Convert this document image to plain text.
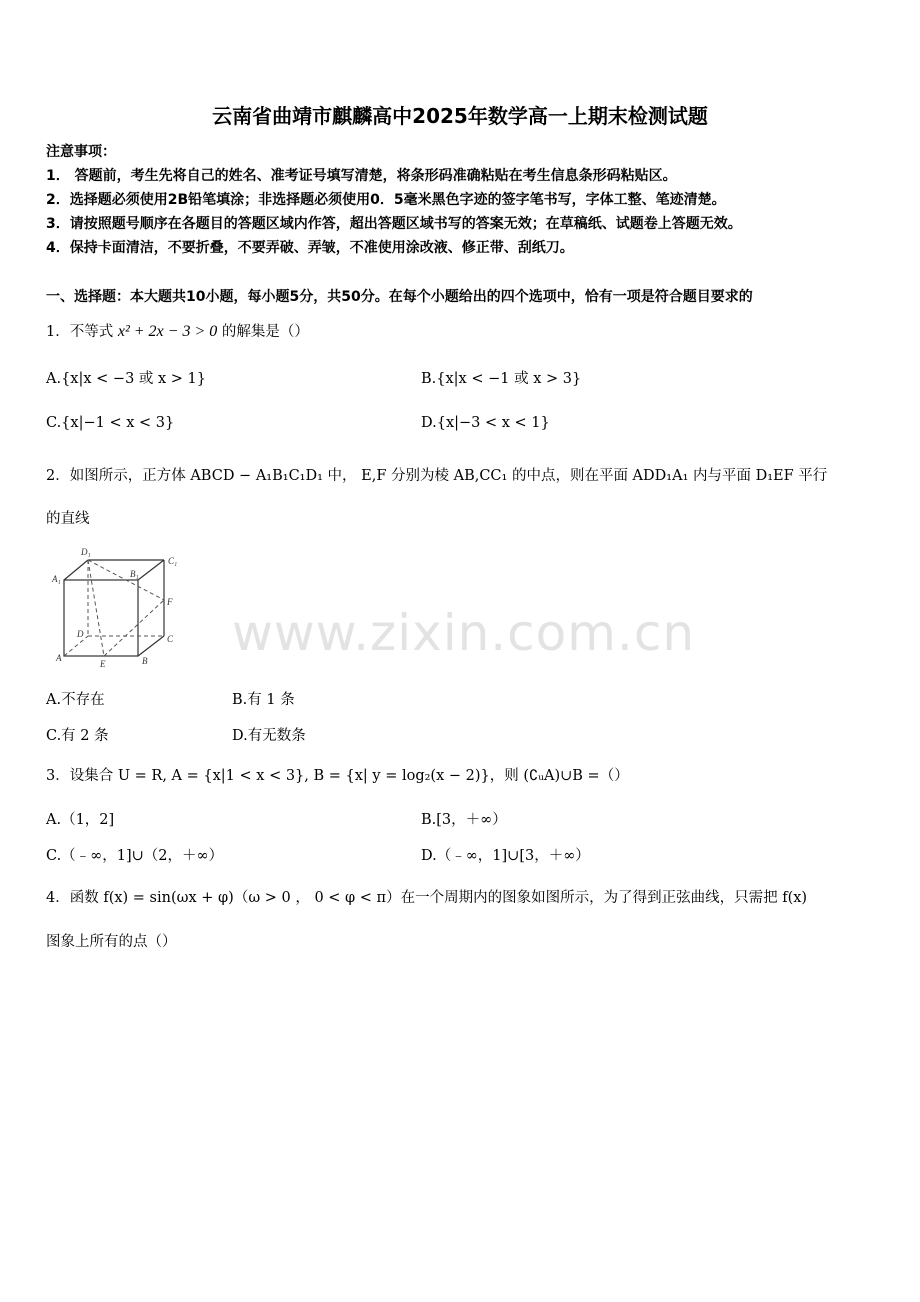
云南省曲靖市麒麟高中2025年数学高一上期末检测试题
注意事项：
1． 答题前，考生先将自己的姓名、准考证号填写清楚，将条形码准确粘贴在考生信息条形码粘贴区。
2．选择题必须使用2B铅笔填涂；非选择题必须使用0．5毫米黑色字迹的签字笔书写，字体工整、笔迹清楚。
3．请按照题号顺序在各题目的答题区域内作答，超出答题区域书写的答案无效；在草稿纸、试题卷上答题无效。
4．保持卡面清洁，不要折叠，不要弄破、弄皱，不准使用涂改液、修正带、刮纸刀。
一、选择题：本大题共10小题，每小题5分，共50分。在每个小题给出的四个选项中，恰有一项是符合题目要求的
1．不等式 x² + 2x − 3 > 0 的解集是（）
A.{x|x < −3 或 x > 1}	B.{x|x < −1 或 x > 3}
C.{x|−1 < x < 3}	D.{x|−3 < x < 1}
2．如图所示，正方体 ABCD − A₁B₁C₁D₁ 中， E,F 分别为棱 AB,CC₁ 的中点，则在平面 ADD₁A₁ 内与平面 D₁EF 平行
的直线
D₁
C₁
A₁	B₁
F
D	C
A
E	B www.zixin.com.cn
A.不存在	B.有 1 条
C.有 2 条	D.有无数条
3．设集合 U = R, A = {x|1 < x < 3}, B = {x| y = log₂(x − 2)}，则 (∁ᵤA)∪B =（）
A.（1，2]	B.[3，＋∞）
C.（﹣∞，1]∪（2，＋∞）	D.（﹣∞，1]∪[3，＋∞）
4．函数 f(x) = sin(ωx + φ)（ω > 0 ， 0 < φ < π）在一个周期内的图象如图所示，为了得到正弦曲线，只需把 f(x)
图象上所有的点（）
